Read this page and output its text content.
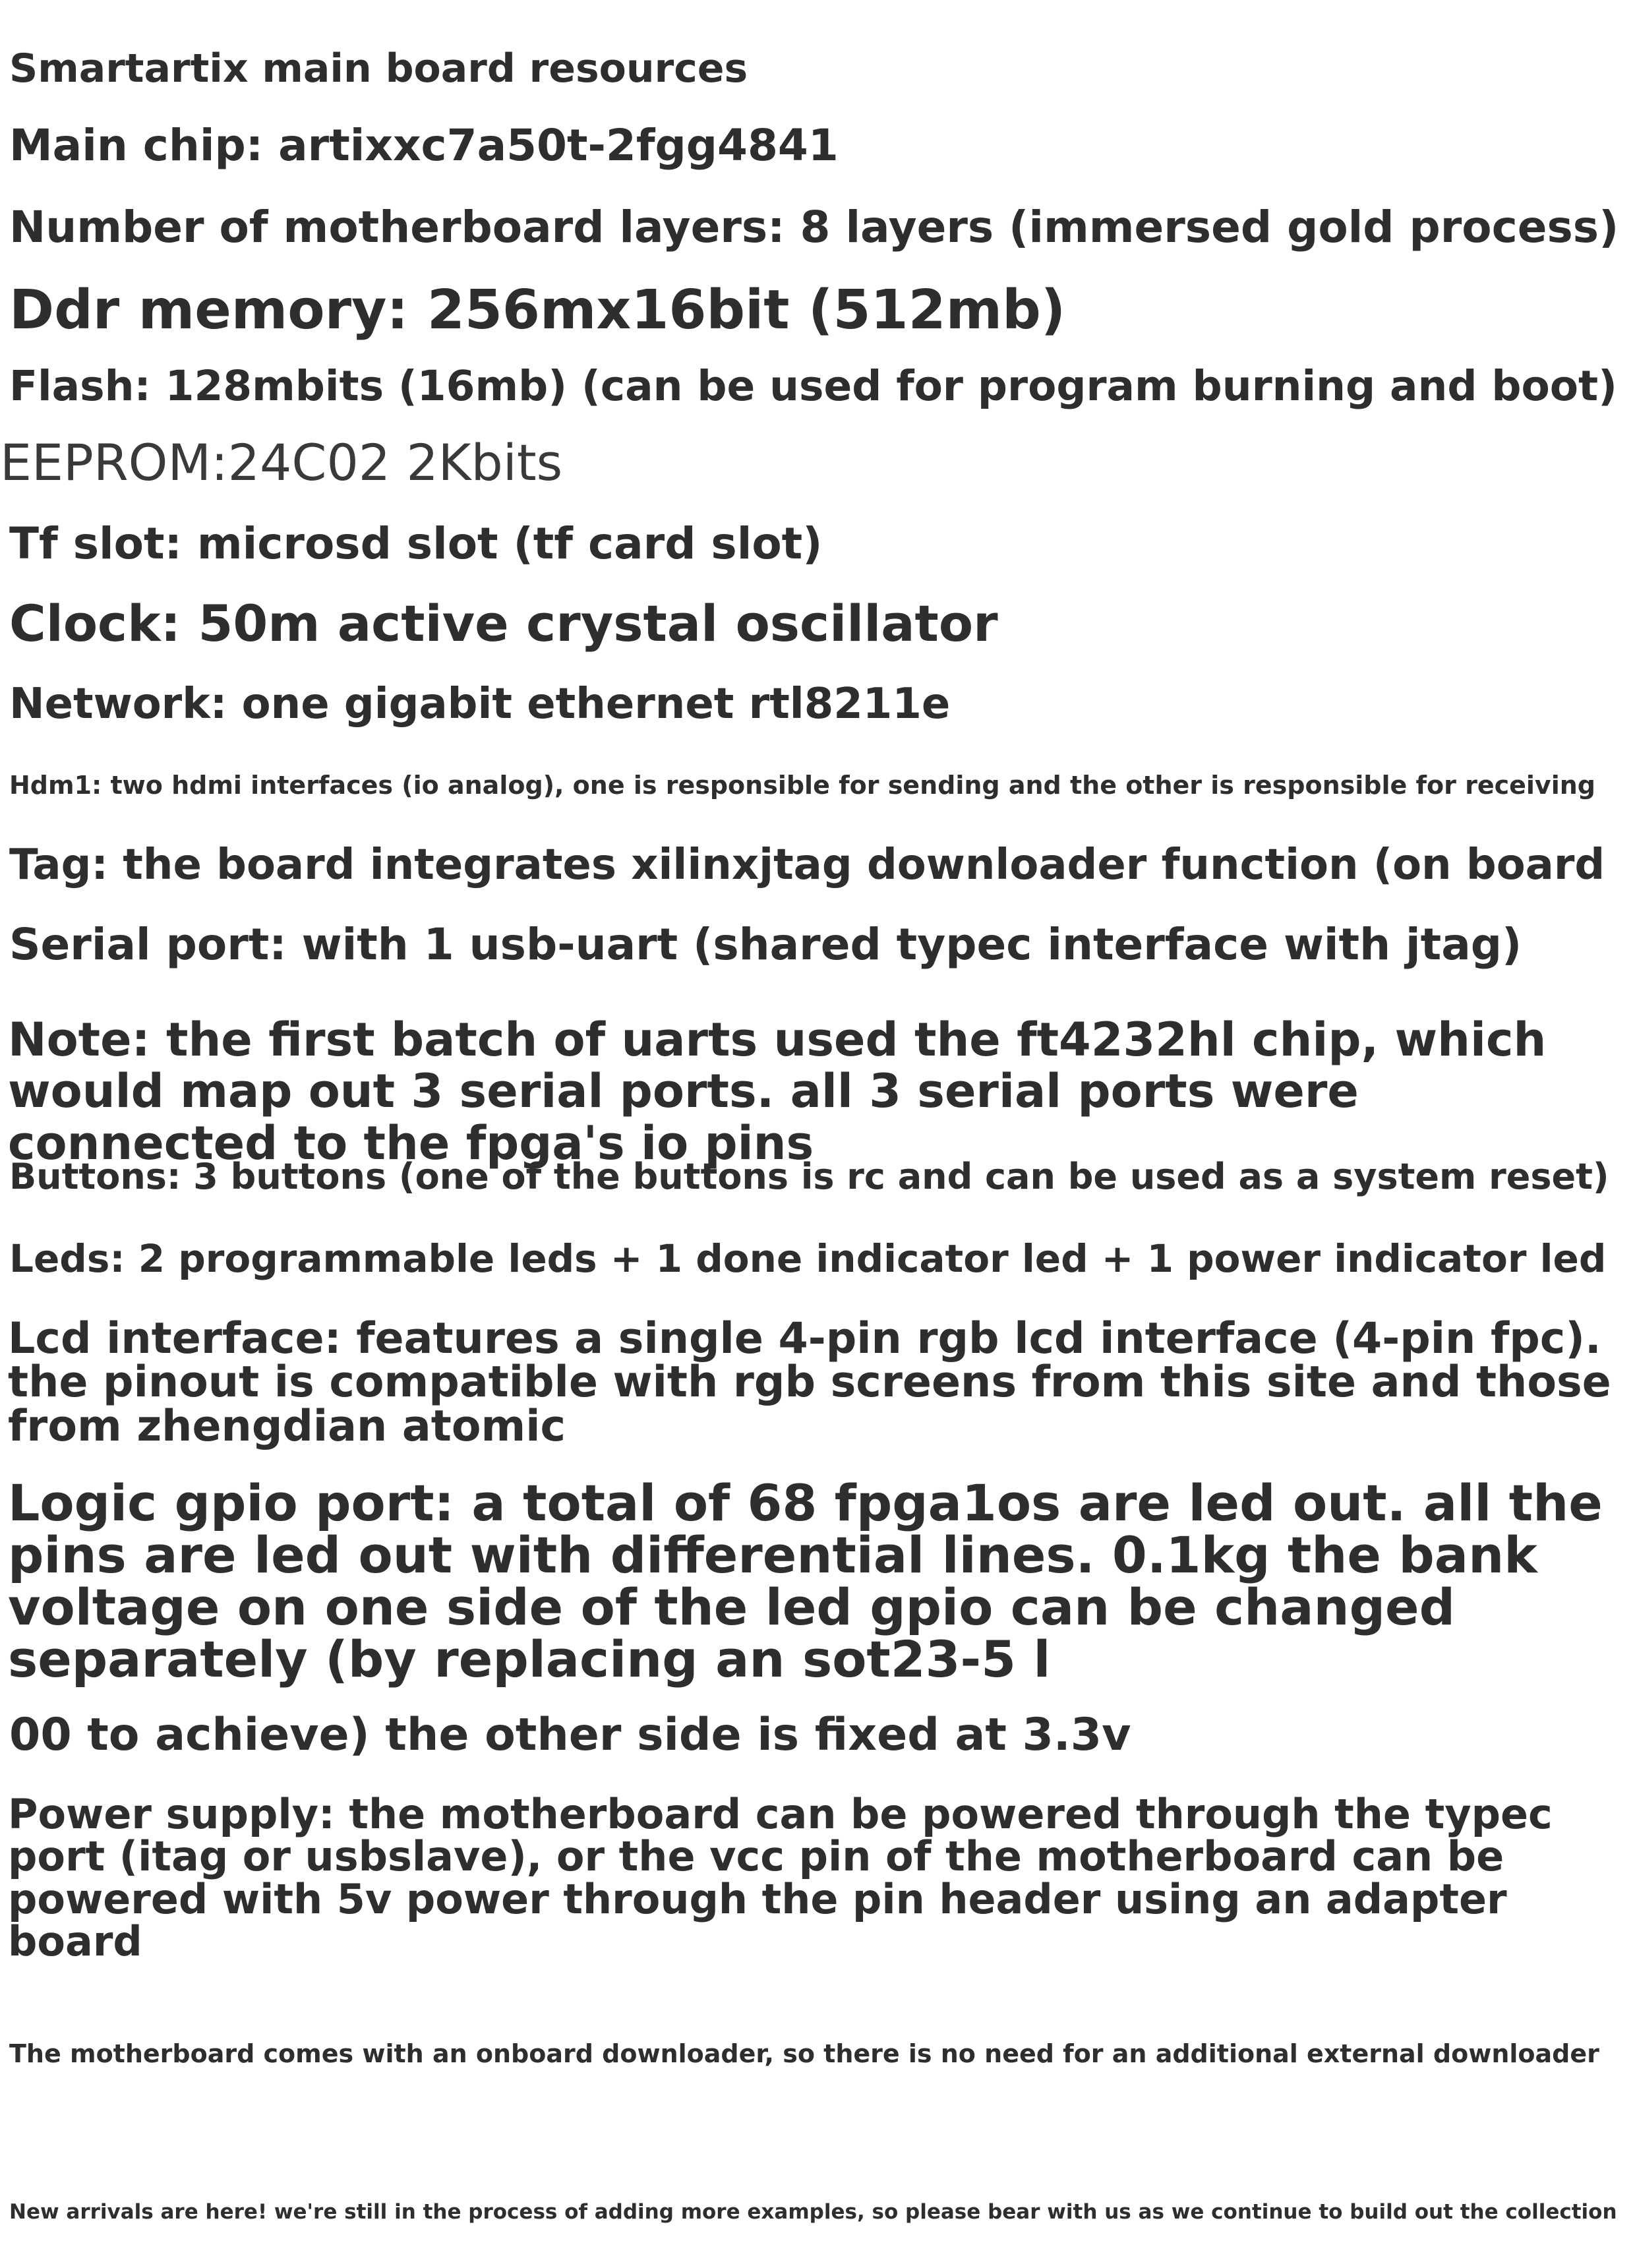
Smartartix main board resources
Main chip: artixxc7a50t-2fgg4841
Number of motherboard layers: 8 layers (immersed gold process)
Ddr memory: 256mx16bit (512mb)
Flash: 128mbits (16mb) (can be used for program burning and boot)
EEPROM:24C02 2Kbits
Tf slot: microsd slot (tf card slot)
Clock: 50m active crystal oscillator
Network: one gigabit ethernet rtl8211e
Hdm1: two hdmi interfaces (io analog), one is responsible for sending and the other is responsible for receiving
Tag: the board integrates xilinxjtag downloader function (on board
Serial port: with 1 usb-uart (shared typec interface with jtag)
Note: the first batch of uarts used the ft4232hl chip, which would map out 3 serial ports. all 3 serial ports were connected to the fpga's io pins
Buttons: 3 buttons (one of the buttons is rc and can be used as a system reset)
Leds: 2 programmable leds + 1 done indicator led + 1 power indicator led
Lcd interface: features a single 4-pin rgb lcd interface (4-pin fpc). the pinout is compatible with rgb screens from this site and those from zhengdian atomic
Logic gpio port: a total of 68 fpga1os are led out. all the pins are led out with differential lines. 0.1kg the bank voltage on one side of the led gpio can be changed separately (by replacing an sot23-5 l
00 to achieve) the other side is fixed at 3.3v
Power supply: the motherboard can be powered through the typec port (itag or usbslave), or the vcc pin of the motherboard can be powered with 5v power through the pin header using an adapter board
The motherboard comes with an onboard downloader, so there is no need for an additional external downloader
New arrivals are here! we're still in the process of adding more examples, so please bear with us as we continue to build out the collection
